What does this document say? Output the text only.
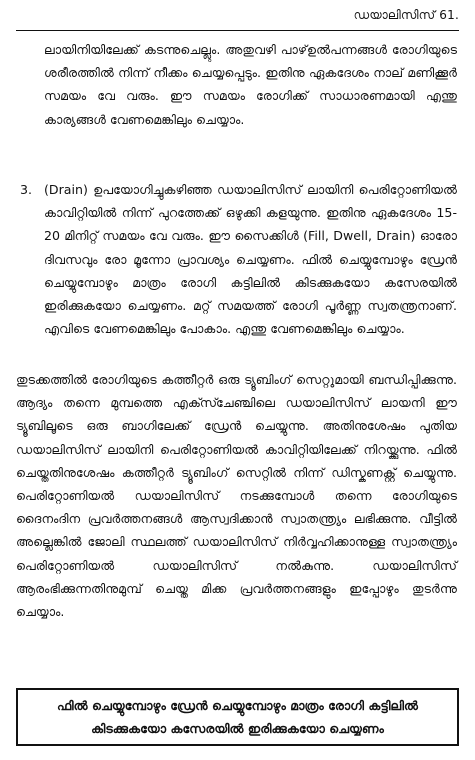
ഡയാലിസിസ് 61.

ലായിനിയിലേക്ക് കടന്നുചെല്ലും. അതുവഴി പാഴ്ഉൽപന്നങ്ങൾ രോഗിയുടെ ശരീരത്തിൽ നിന്ന് നീക്കം ചെയ്യപ്പെടും. ഇതിനു ഏകദേശം നാല് മണിക്കൂർ സമയം വേ വരും. ഈ സമയം രോഗിക്ക് സാധാരണമായി എന്തു കാര്യങ്ങൾ വേണമെങ്കിലും ചെയ്യാം.

3. (Drain) ഉപയോഗിച്ചുകഴിഞ്ഞ ഡയാലിസിസ് ലായിനി പെരിറ്റോണിയൽ കാവിറ്റിയിൽ നിന്ന് പുറത്തേക്ക് ഒഴുക്കി കളയുന്നു. ഇതിനു ഏകദേശം 15-20 മിനിറ്റ് സമയം വേ വരും. ഈ സൈക്കിൾ (Fill, Dwell, Drain) ഓരോ ദിവസവും രോ മൂന്നോ പ്രാവശ്യം ചെയ്യണം. ഫിൽ ചെയ്യുമ്പോഴും ഡ്രേൻ ചെയ്യുമ്പോഴും മാത്രം രോഗി കട്ടിലിൽ കിടക്കുകയോ കസേരയിൽ ഇരിക്കുകയോ ചെയ്യണം. മറ്റ് സമയത്ത് രോഗി പൂർണ്ണ സ്വതന്ത്രനാണ്. എവിടെ വേണമെങ്കിലും പോകാം. എന്തു വേണമെങ്കിലും ചെയ്യാം.

തുടക്കത്തിൽ രോഗിയുടെ കത്തീറ്റർ ഒരു ട്യൂബിംഗ് സെറ്റുമായി ബന്ധിപ്പിക്കുന്നു. ആദ്യം തന്നെ മുമ്പത്തെ എക്സ്ചേഞ്ചിലെ ഡയാലിസിസ് ലായനി ഈ ട്യൂബിലൂടെ ഒരു ബാഗിലേക്ക് ഡ്രേൻ ചെയ്യുന്നു. അതിനുശേഷം പുതിയ ഡയാലിസിസ് ലായിനി പെരിറ്റോണിയൽ കാവിറ്റിയിലേക്ക് നിറയ്ക്കുന്നു. ഫിൽ ചെയ്തതിനുശേഷം കത്തീറ്റർ ട്യൂബിംഗ് സെറ്റിൽ നിന്ന് ഡിസ്കണക്റ്റ് ചെയ്യുന്നു. പെരിറ്റോണിയൽ ഡയാലിസിസ് നടക്കുമ്പോൾ തന്നെ രോഗിയുടെ ദൈനംദിന പ്രവർത്തനങ്ങൾ ആസ്വദിക്കാൻ സ്വാതന്ത്ര്യം ലഭിക്കുന്നു. വീട്ടിൽ അല്ലെങ്കിൽ ജോലി സ്ഥലത്ത് ഡയാലിസിസ് നിർവ്വഹിക്കാനുള്ള സ്വാതന്ത്ര്യം പെരിറ്റോണിയൽ ഡയാലിസിസ് നൽകുന്നു. ഡയാലിസിസ് ആരംഭിക്കുന്നതിനുമുമ്പ് ചെയ്ത മിക്ക പ്രവർത്തനങ്ങളും ഇപ്പോഴും തുടർന്നു ചെയ്യാം.

ഫിൽ ചെയ്യുമ്പോഴും ഡ്രേൻ ചെയ്യുമ്പോഴും മാത്രം രോഗി കട്ടിലിൽ കിടക്കുകയോ കസേരയിൽ ഇരിക്കുകയോ ചെയ്യണം
